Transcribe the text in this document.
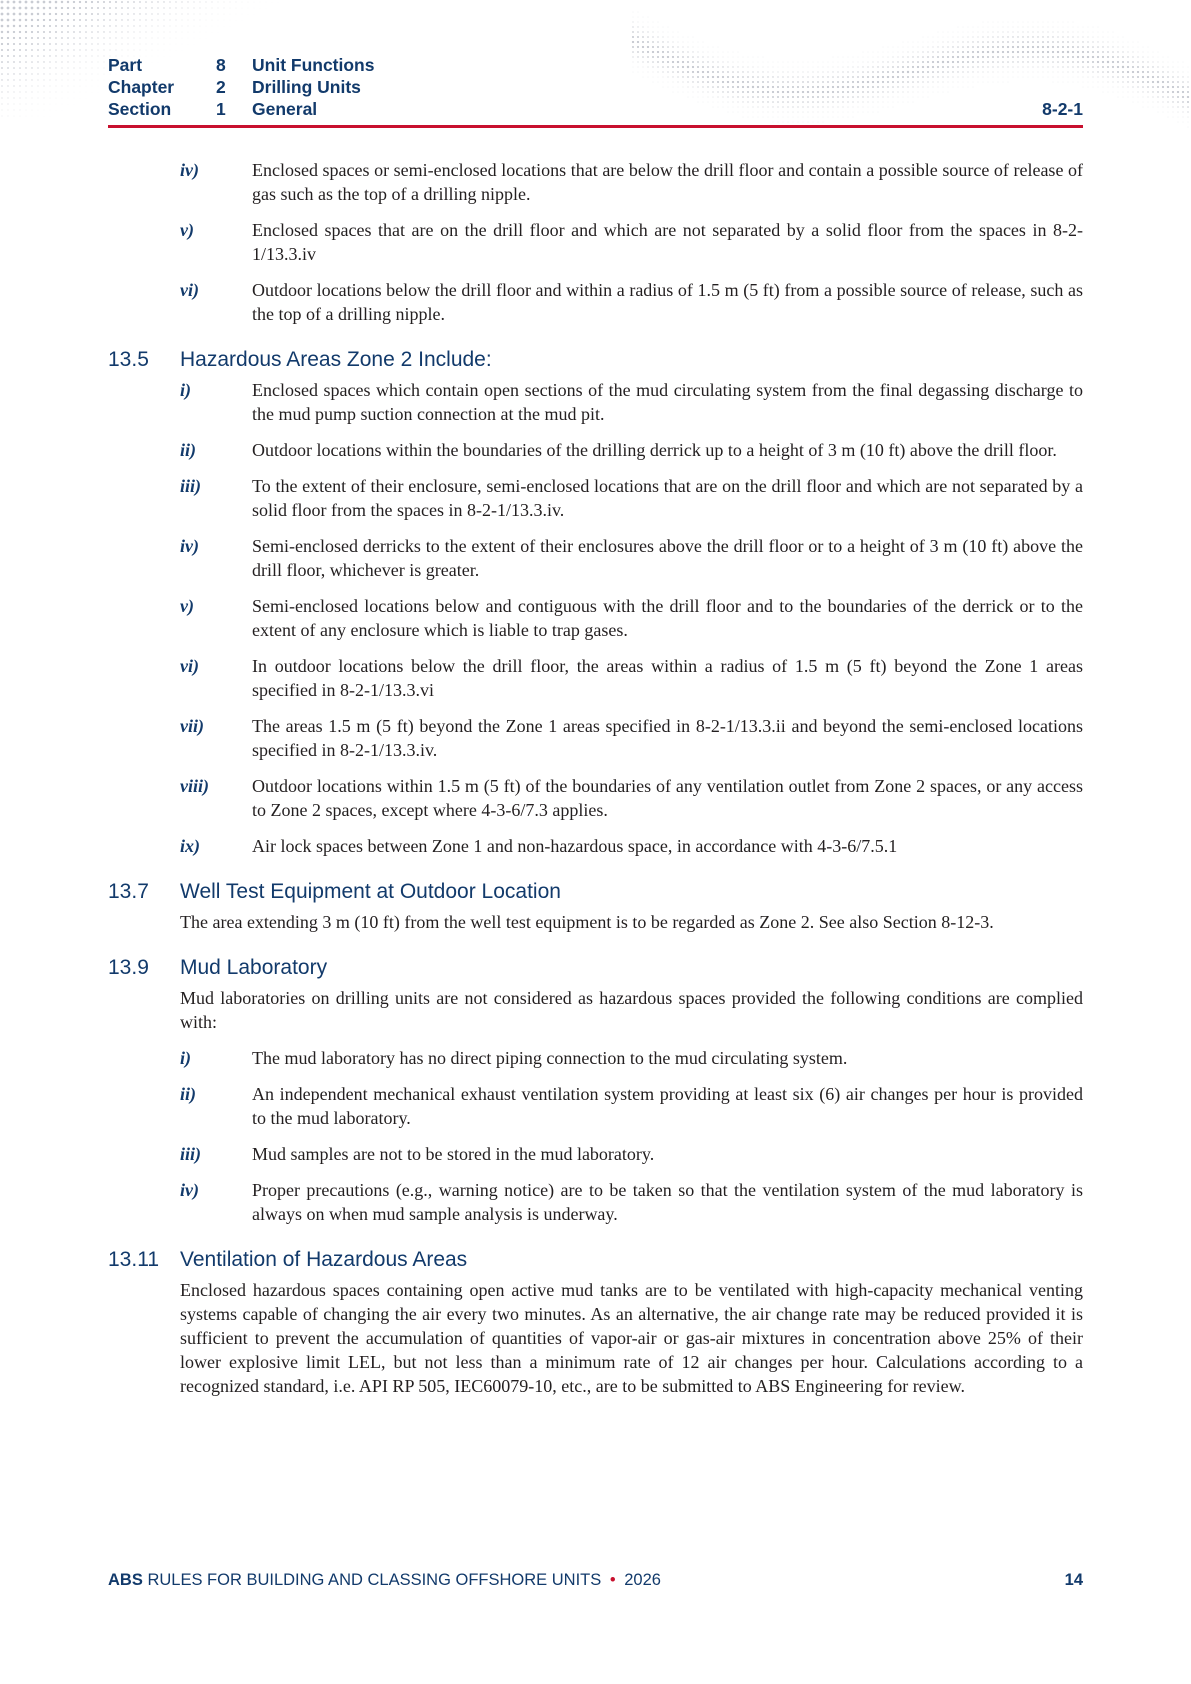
Part	8	Unit Functions
Chapter	2	Drilling Units
Section	1	General	8-2-1
iv)	Enclosed spaces or semi-enclosed locations that are below the drill floor and contain a possible source of release of gas such as the top of a drilling nipple.
v)	Enclosed spaces that are on the drill floor and which are not separated by a solid floor from the spaces in 8-2-1/13.3.iv
vi)	Outdoor locations below the drill floor and within a radius of 1.5 m (5 ft) from a possible source of release, such as the top of a drilling nipple.
13.5	Hazardous Areas Zone 2 Include:
i)	Enclosed spaces which contain open sections of the mud circulating system from the final degassing discharge to the mud pump suction connection at the mud pit.
ii)	Outdoor locations within the boundaries of the drilling derrick up to a height of 3 m (10 ft) above the drill floor.
iii)	To the extent of their enclosure, semi-enclosed locations that are on the drill floor and which are not separated by a solid floor from the spaces in 8-2-1/13.3.iv.
iv)	Semi-enclosed derricks to the extent of their enclosures above the drill floor or to a height of 3 m (10 ft) above the drill floor, whichever is greater.
v)	Semi-enclosed locations below and contiguous with the drill floor and to the boundaries of the derrick or to the extent of any enclosure which is liable to trap gases.
vi)	In outdoor locations below the drill floor, the areas within a radius of 1.5 m (5 ft) beyond the Zone 1 areas specified in 8-2-1/13.3.vi
vii)	The areas 1.5 m (5 ft) beyond the Zone 1 areas specified in 8-2-1/13.3.ii and beyond the semi-enclosed locations specified in 8-2-1/13.3.iv.
viii)	Outdoor locations within 1.5 m (5 ft) of the boundaries of any ventilation outlet from Zone 2 spaces, or any access to Zone 2 spaces, except where 4-3-6/7.3 applies.
ix)	Air lock spaces between Zone 1 and non-hazardous space, in accordance with 4-3-6/7.5.1
13.7	Well Test Equipment at Outdoor Location
The area extending 3 m (10 ft) from the well test equipment is to be regarded as Zone 2. See also Section 8-12-3.
13.9	Mud Laboratory
Mud laboratories on drilling units are not considered as hazardous spaces provided the following conditions are complied with:
i)	The mud laboratory has no direct piping connection to the mud circulating system.
ii)	An independent mechanical exhaust ventilation system providing at least six (6) air changes per hour is provided to the mud laboratory.
iii)	Mud samples are not to be stored in the mud laboratory.
iv)	Proper precautions (e.g., warning notice) are to be taken so that the ventilation system of the mud laboratory is always on when mud sample analysis is underway.
13.11	Ventilation of Hazardous Areas
Enclosed hazardous spaces containing open active mud tanks are to be ventilated with high-capacity mechanical venting systems capable of changing the air every two minutes. As an alternative, the air change rate may be reduced provided it is sufficient to prevent the accumulation of quantities of vapor-air or gas-air mixtures in concentration above 25% of their lower explosive limit LEL, but not less than a minimum rate of 12 air changes per hour. Calculations according to a recognized standard, i.e. API RP 505, IEC60079-10, etc., are to be submitted to ABS Engineering for review.
ABS RULES FOR BUILDING AND CLASSING OFFSHORE UNITS • 2026	14
